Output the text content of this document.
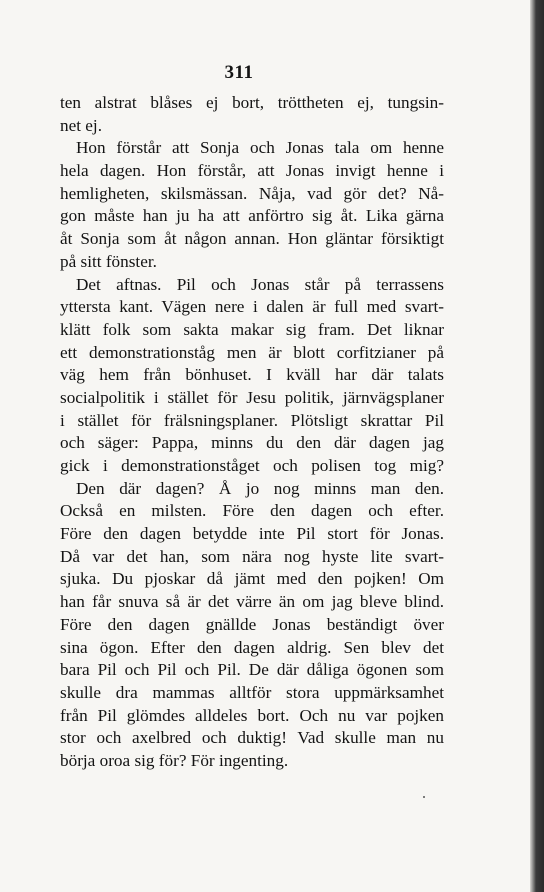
311
ten alstrat blåses ej bort, tröttheten ej, tungsin-
net ej.
Hon förstår att Sonja och Jonas tala om henne
hela dagen. Hon förstår, att Jonas invigt henne i
hemligheten, skilsmässan. Nåja, vad gör det? Nå-
gon måste han ju ha att anförtro sig åt. Lika gärna
åt Sonja som åt någon annan. Hon gläntar försiktigt
på sitt fönster.
Det aftnas. Pil och Jonas står på terrassens
yttersta kant. Vägen nere i dalen är full med svart-
klätt folk som sakta makar sig fram. Det liknar
ett demonstrationståg men är blott corfitzianer på
väg hem från bönhuset. I kväll har där talats
socialpolitik i stället för Jesu politik, järnvägsplaner
i stället för frälsningsplaner. Plötsligt skrattar Pil
och säger: Pappa, minns du den där dagen jag
gick i demonstrationståget och polisen tog mig?
Den där dagen? Å jo nog minns man den.
Också en milsten. Före den dagen och efter.
Före den dagen betydde inte Pil stort för Jonas.
Då var det han, som nära nog hyste lite svart-
sjuka. Du pjoskar då jämt med den pojken! Om
han får snuva så är det värre än om jag bleve blind.
Före den dagen gnällde Jonas beständigt över
sina ögon. Efter den dagen aldrig. Sen blev det
bara Pil och Pil och Pil. De där dåliga ögonen som
skulle dra mammas alltför stora uppmärksamhet
från Pil glömdes alldeles bort. Och nu var pojken
stor och axelbred och duktig! Vad skulle man nu
börja oroa sig för? För ingenting.
